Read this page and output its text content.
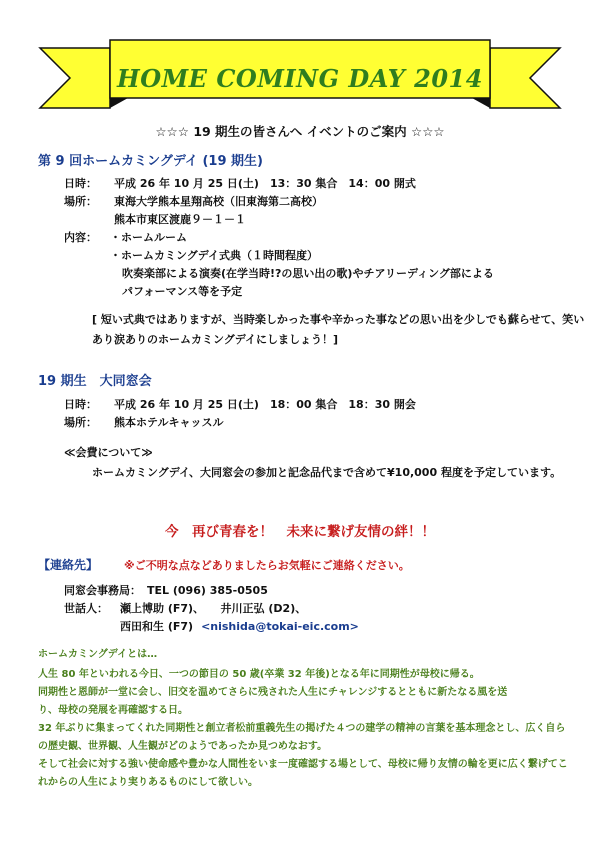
HOME COMING DAY 2014
☆☆☆ 19 期生の皆さんへ イベントのご案内 ☆☆☆
第 9 回ホームカミングデイ (19 期生)
日時： 平成 26 年 10 月 25 日(土)　13：30 集合　14：00 開式
場所： 東海大学熊本星翔高校（旧東海第二高校）
熊本市東区渡鹿９－１－１
内容： ・ホームルーム
・ホームカミングデイ式典（１時間程度）
吹奏楽部による演奏(在学当時!?の思い出の歌)やチアリーディング部による
パフォーマンス等を予定
[ 短い式典ではありますが、当時楽しかった事や辛かった事などの思い出を少しでも蘇らせて、笑いあり涙ありのホームカミングデイにしましょう！]
19 期生　大同窓会
日時： 平成 26 年 10 月 25 日(土)　18：00 集合　18：30 開会
場所： 熊本ホテルキャッスル
≪会費について≫
ホームカミングデイ、大同窓会の参加と記念品代まで含めて¥10,000 程度を予定しています。
今　再び青春を！　未来に繋げ友情の絆！！
【連絡先】 ※ご不明な点などありましたらお気軽にご連絡ください。
同窓会事務局： TEL (096) 385-0505
世話人： 瀬上博助 (F7)、　　井川正弘 (D2)、
西田和生 (F7) <nishida@tokai-eic.com>
ホームカミングデイとは…
人生 80 年といわれる今日、一つの節目の 50 歳(卒業 32 年後)となる年に同期性が母校に帰る。
同期性と恩師が一堂に会し、旧交を温めてさらに残された人生にチャレンジするとともに新たなる風を送
り、母校の発展を再確認する日。
32 年ぶりに集まってくれた同期性と創立者松前重義先生の掲げた４つの建学の精神の言葉を基本理念とし、広く自らの歴史観、世界観、人生観がどのようであったか見つめなおす。
そして社会に対する強い使命感や豊かな人間性をいま一度確認する場として、母校に帰り友情の輪を更に広く繋げてこれからの人生により実りあるものにして欲しい。
